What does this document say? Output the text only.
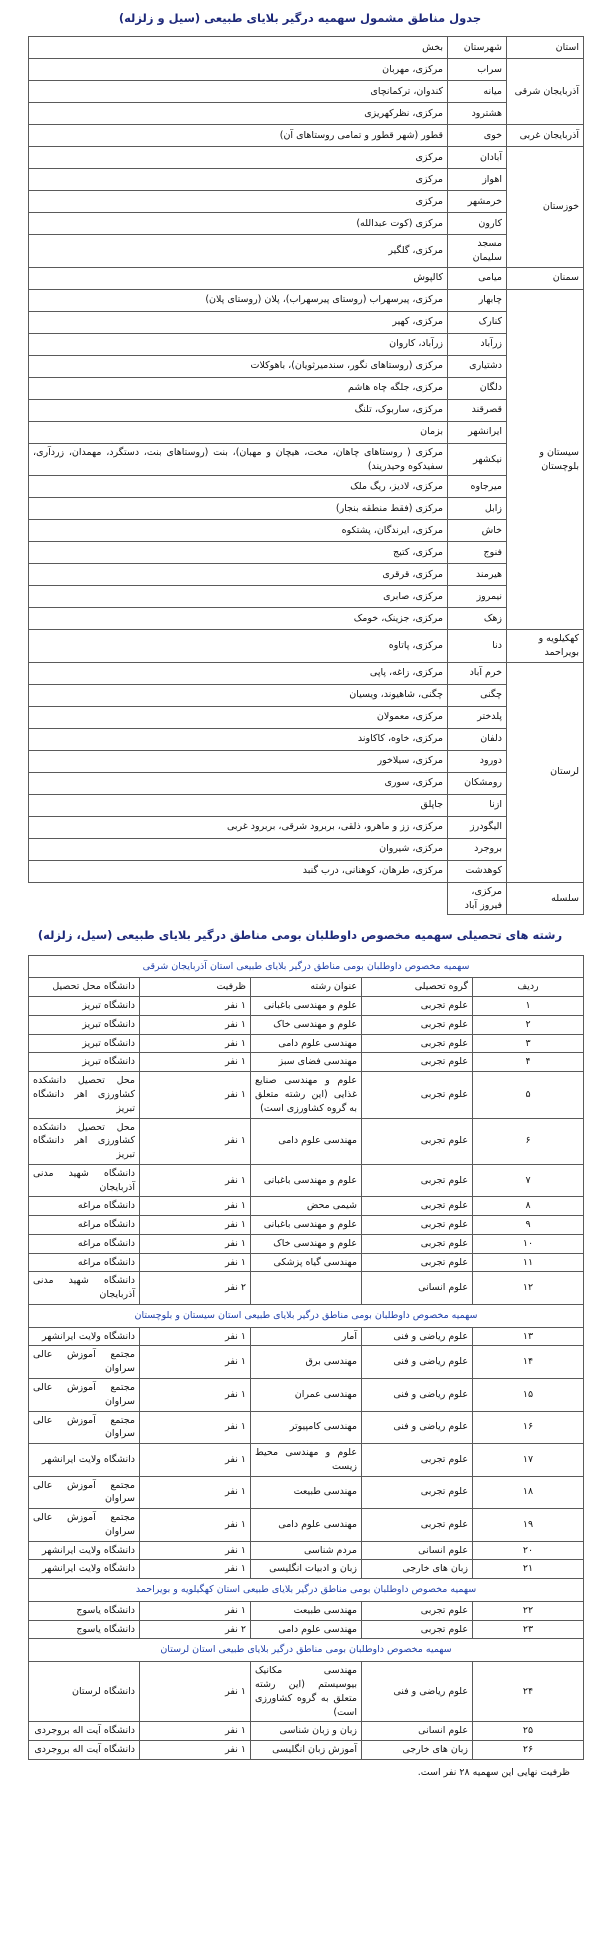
جدول مناطق مشمول سهمیه درگیر بلایای طبیعی (سیل و زلزله)
استان	شهرستان	بخش
آذربایجان شرقی	سراب	مرکزی، مهربان
	میانه	کندوان، ترکمانچای
	هشترود	مرکزی، نظرکهریزی
آذربایجان غربی	خوی	قطور (شهر قطور و تمامی روستاهای آن)
خوزستان	آبادان	مرکزی
	اهواز	مرکزی
	خرمشهر	مرکزی
	کارون	مرکزی (کوت عبدالله)
	مسجد سلیمان	مرکزی، گلگیر
سمنان	میامی	کالپوش
سیستان و بلوچستان	چابهار	مرکزی، پیرسهراب (روستای پیرسهراب)، پلان (روستای پلان)
	کنارک	مرکزی، کهیر
	زرآباد	زرآباد، کاروان
	دشتیاری	مرکزی (روستاهای نگور، سندمیرثویان)، باهوکلات
	دلگان	مرکزی، جلگه چاه هاشم
	قصرقند	مرکزی، ساربوک، تلنگ
	ایرانشهر	بزمان
	نیکشهر	مرکزی ( روستاهای چاهان، مخت، هیچان و مهبان)، بنت (روستاهای بنت، دستگرد، مهمدان، زردآری، سفیدکوه وحیدریند)
	میرجاوه	مرکزی، لادیز، ریگ ملک
	زابل	مرکزی (فقط منطقه بنجار)
	خاش	مرکزی، ایرندگان، پشتکوه
	فنوج	مرکزی، کتیج
	هیرمند	مرکزی، قرقری
	نیمروز	مرکزی، صابری
	زهک	مرکزی، جزینک، خومک
کهکیلویه و بویراحمد	دنا	مرکزی، پاتاوه
لرستان	خرم آباد	مرکزی، زاغه، پاپی
	چگنی	چگنی، شاهیوند، ویسیان
	پلدختر	مرکزی، معمولان
	دلفان	مرکزی، خاوه، کاکاوند
	دورود	مرکزی، سیلاخور
	رومشکان	مرکزی، سوری
	ازنا	جاپلق
	الیگودرز	مرکزی، زز و ماهرو، ذلقی، بربرود شرقی، بربرود غربی
	بروجرد	مرکزی، شیروان
	کوهدشت	مرکزی، طرهان، کوهنانی، درب گنبد
سلسله	مرکزی، فیروز آباد	
رشته های تحصیلی سهمیه مخصوص داوطلبان بومی مناطق درگیر بلایای طبیعی (سیل، زلزله)
سهمیه مخصوص داوطلبان بومی مناطق درگیر بلایای طبیعی استان آذربایجان شرقی				
ردیف	گروه تحصیلی	عنوان رشته	ظرفیت	دانشگاه محل تحصیل
۱	علوم تجربی	علوم و مهندسی باغبانی	۱ نفر	دانشگاه تبریز
۲	علوم تجربی	علوم و مهندسی خاک	۱ نفر	دانشگاه تبریز
۳	علوم تجربی	مهندسی علوم دامی	۱ نفر	دانشگاه تبریز
۴	علوم تجربی	مهندسی فضای سبز	۱ نفر	دانشگاه تبریز
۵	علوم تجربی	علوم و مهندسی صنایع غذایی (این رشته متعلق به گروه کشاورزی است)	۱ نفر	محل تحصیل دانشکده کشاورزی اهر دانشگاه تبریز
۶	علوم تجربی	مهندسی علوم دامی	۱ نفر	محل تحصیل دانشکده کشاورزی اهر دانشگاه تبریز
۷	علوم تجربی	علوم و مهندسی باغبانی	۱ نفر	دانشگاه شهید مدنی آذربایجان
۸	علوم تجربی	شیمی محض	۱ نفر	دانشگاه مراغه
۹	علوم تجربی	علوم و مهندسی باغبانی	۱ نفر	دانشگاه مراغه
۱۰	علوم تجربی	علوم و مهندسی خاک	۱ نفر	دانشگاه مراغه
۱۱	علوم تجربی	مهندسی گیاه پزشکی	۱ نفر	دانشگاه مراغه
۱۲	علوم انسانی		۲ نفر	دانشگاه شهید مدنی آذربایجان
سهمیه مخصوص داوطلبان بومی مناطق درگیر بلایای طبیعی استان سیستان و بلوچستان				
۱۳	علوم ریاضی و فنی	آمار	۱ نفر	دانشگاه ولایت ایرانشهر
۱۴	علوم ریاضی و فنی	مهندسی برق	۱ نفر	مجتمع آموزش عالی سراوان
۱۵	علوم ریاضی و فنی	مهندسی عمران	۱ نفر	مجتمع آموزش عالی سراوان
۱۶	علوم ریاضی و فنی	مهندسی کامپیوتر	۱ نفر	مجتمع آموزش عالی سراوان
۱۷	علوم تجربی	علوم و مهندسی محیط زیست	۱ نفر	دانشگاه ولایت ایرانشهر
۱۸	علوم تجربی	مهندسی طبیعت	۱ نفر	مجتمع آموزش عالی سراوان
۱۹	علوم تجربی	مهندسی علوم دامی	۱ نفر	مجتمع آموزش عالی سراوان
۲۰	علوم انسانی	مردم شناسی	۱ نفر	دانشگاه ولایت ایرانشهر
۲۱	زبان های خارجی	زبان و ادبیات انگلیسی	۱ نفر	دانشگاه ولایت ایرانشهر
سهمیه مخصوص داوطلبان بومی مناطق درگیر بلایای طبیعی استان کهگیلویه و بویراحمد				
۲۲	علوم تجربی	مهندسی طبیعت	۱ نفر	دانشگاه یاسوج
۲۳	علوم تجربی	مهندسی علوم دامی	۲ نفر	دانشگاه یاسوج
سهمیه مخصوص داوطلبان بومی مناطق درگیر بلایای طبیعی استان لرستان				
۲۴	علوم ریاضی و فنی	مهندسی مکانیک بیوسیستم (این رشته متعلق به گروه کشاورزی است)	۱ نفر	دانشگاه لرستان
۲۵	علوم انسانی	زبان و زبان شناسی	۱ نفر	دانشگاه آیت اله بروجردی
۲۶	زبان های خارجی	آموزش زبان انگلیسی	۱ نفر	دانشگاه آیت اله بروجردی
ظرفیت نهایی این سهمیه ۲۸ نفر است.
